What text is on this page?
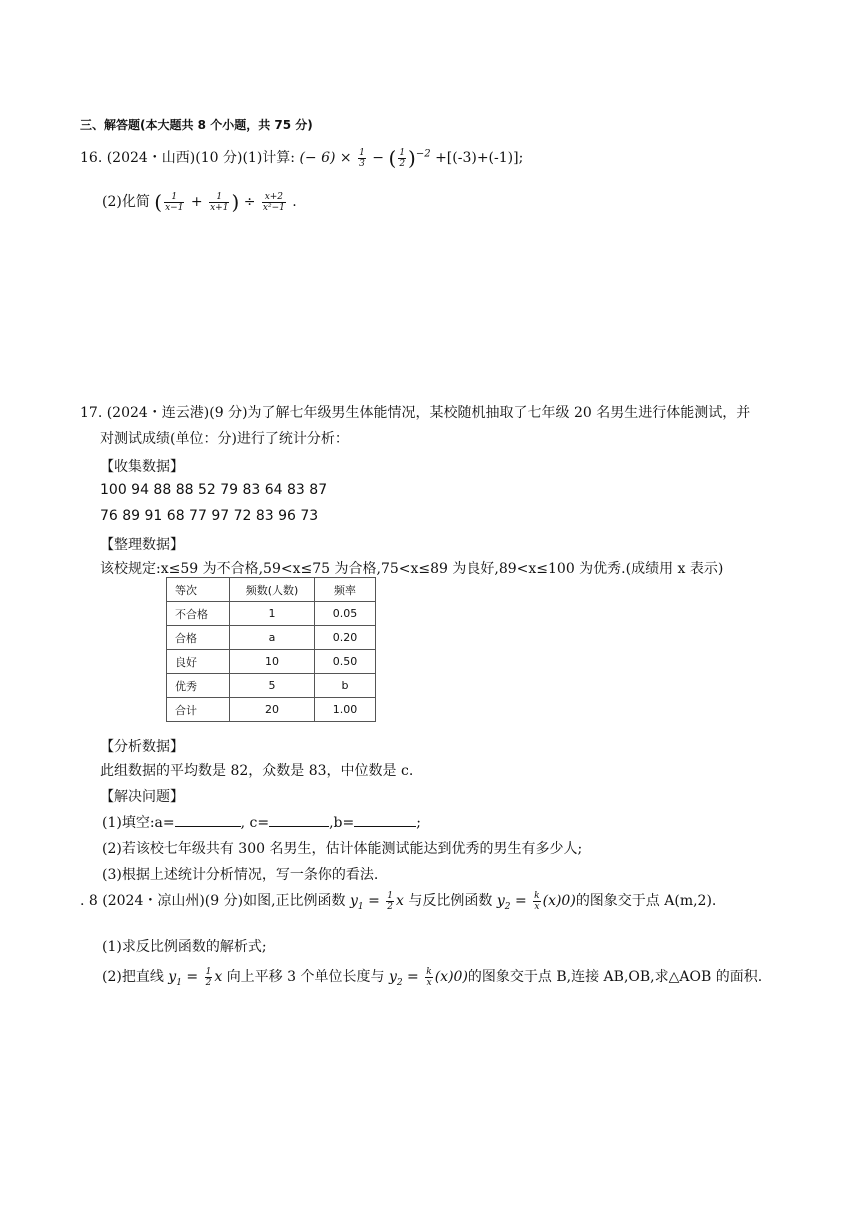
三、解答题(本大题共 8 个小题，共 75 分)
16. (2024・山西)(10 分)(1)计算: (− $6) \times \frac{1}{3}$ − ( $\frac{1}{2} )^{-2} +[(-3)+(-1)]$;
(2)化简 ( $\frac{1}{x-1} + \frac{1}{x+1}$ ) ÷ $\frac{x+2}{\text{x²−1}}$ .
17. (2024・连云港)(9 分)为了解七年级男生体能情况，某校随机抽取了七年级 20 名男生进行体能测试，并
对测试成绩(单位：分)进行了统计分析：
【收集数据】
100 94 88 88 52 79 83 64 83 87
76 89 91 68 77 97 72 83 96 73
【整理数据】
该校规定:x≤59 为不合格,59<x≤75 为合格,75<x≤89 为良好,89<x≤100 为优秀.(成绩用 x 表示)
等次	频数(人数)	频率
不合格	1	0.05
合格	a	0.20
良好	10	0.50
优秀	5	b
合计	20	1.00
【分析数据】
此组数据的平均数是 82，众数是 83，中位数是 c.
【解决问题】
(1)填空:a=	, c=	,b=	;
(2)若该校七年级共有 300 名男生，估计体能测试能达到优秀的男生有多少人;
(3)根据上述统计分析情况，写一条你的看法.
. 8 (2024・凉山州)(9 分)如图,正比例函数 $y_1 = \frac{1}{2}$ x 与反比例函数 $y_2 = \frac{k}{x} (x)0$)的图象交于点 A(m,2).
(1)求反比例函数的解析式;
(2)把直线 $y_1 = \frac{1}{2}$ x 向上平移 3 个单位长度与 $y_2 = \frac{k}{x} (x)0$)的图象交于点 B,连接 AB,OB,求△AOB 的面积.
